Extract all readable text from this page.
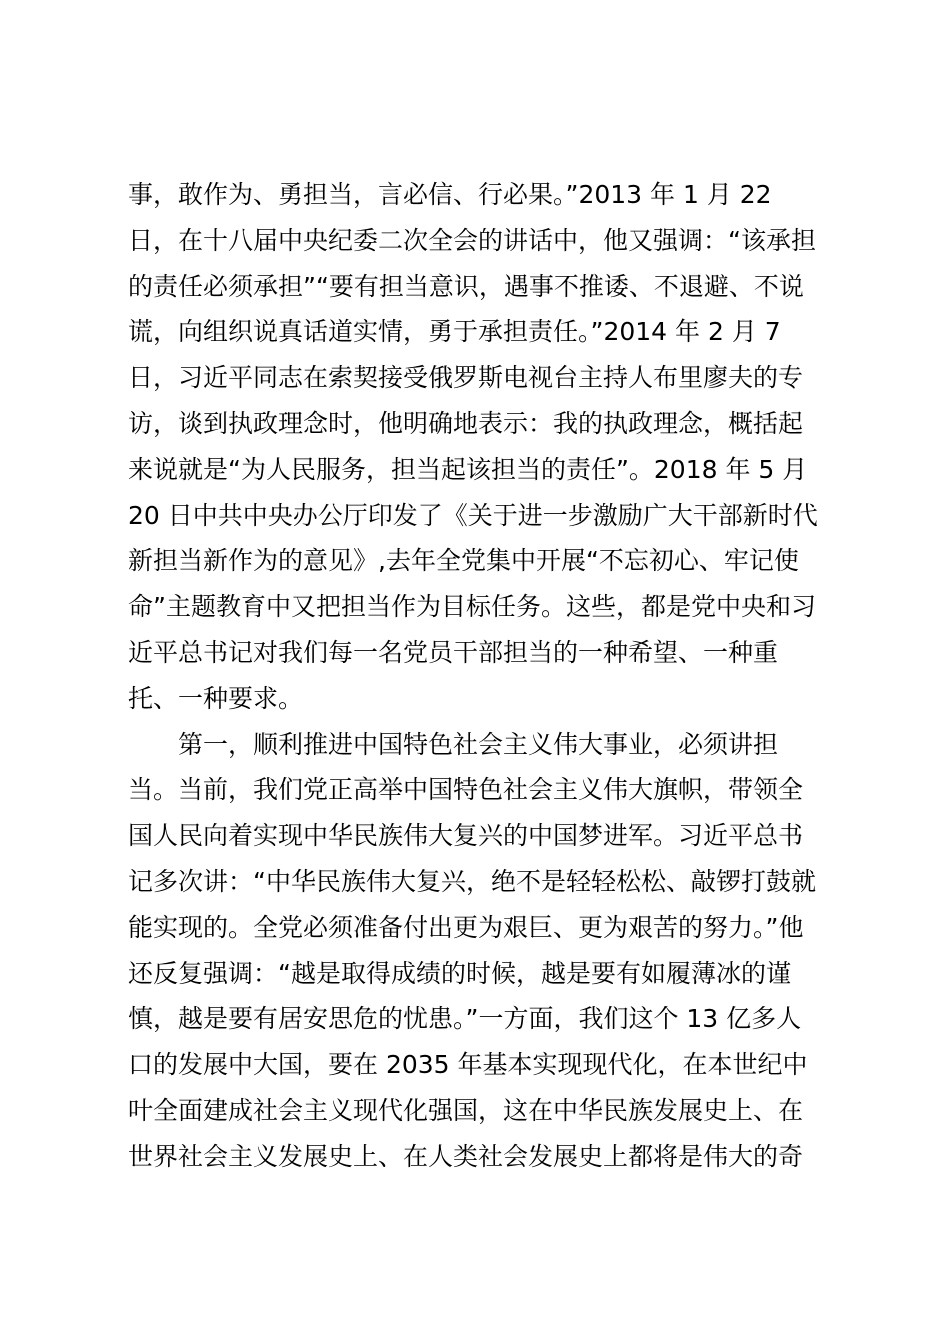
事，敢作为、勇担当，言必信、行必果。”2013 年 1 月 22
日，在十八届中央纪委二次全会的讲话中，他又强调：“该承担
的责任必须承担”“要有担当意识，遇事不推诿、不退避、不说
谎，向组织说真话道实情，勇于承担责任。”2014 年 2 月 7
日，习近平同志在索契接受俄罗斯电视台主持人布里廖夫的专
访，谈到执政理念时，他明确地表示：我的执政理念，概括起
来说就是“为人民服务，担当起该担当的责任”。2018 年 5 月
20 日中共中央办公厅印发了《关于进一步激励广大干部新时代
新担当新作为的意见》,去年全党集中开展“不忘初心、牢记使
命”主题教育中又把担当作为目标任务。这些，都是党中央和习
近平总书记对我们每一名党员干部担当的一种希望、一种重
托、一种要求。
第一，顺利推进中国特色社会主义伟大事业，必须讲担
当。当前，我们党正高举中国特色社会主义伟大旗帜，带领全
国人民向着实现中华民族伟大复兴的中国梦进军。习近平总书
记多次讲：“中华民族伟大复兴，绝不是轻轻松松、敲锣打鼓就
能实现的。全党必须准备付出更为艰巨、更为艰苦的努力。”他
还反复强调：“越是取得成绩的时候，越是要有如履薄冰的谨
慎，越是要有居安思危的忧患。”一方面，我们这个 13 亿多人
口的发展中大国，要在 2035 年基本实现现代化，在本世纪中
叶全面建成社会主义现代化强国，这在中华民族发展史上、在
世界社会主义发展史上、在人类社会发展史上都将是伟大的奇
